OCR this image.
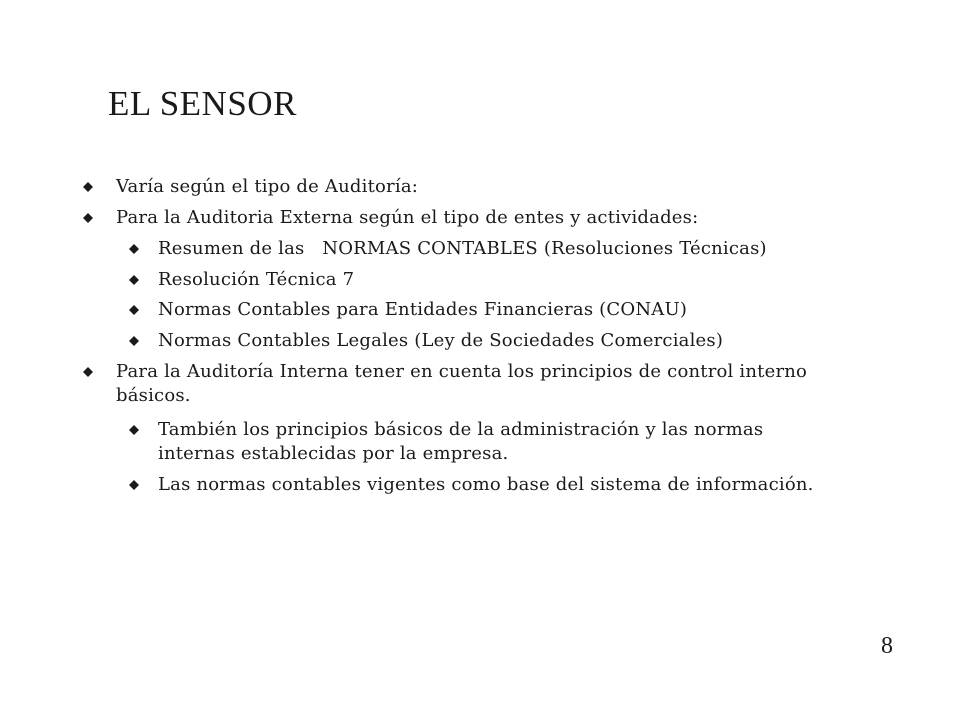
EL SENSOR
Varía según el tipo de Auditoría:
Para la Auditoria Externa según el tipo de entes y actividades:
Resumen de las   NORMAS CONTABLES (Resoluciones Técnicas)
Resolución Técnica 7
Normas Contables para Entidades Financieras (CONAU)
Normas Contables Legales (Ley de Sociedades Comerciales)
Para la Auditoría Interna tener en cuenta los principios de control interno
básicos.
También los principios básicos de la administración y las normas
internas establecidas por la empresa.
Las normas contables vigentes como base del sistema de información.
8
